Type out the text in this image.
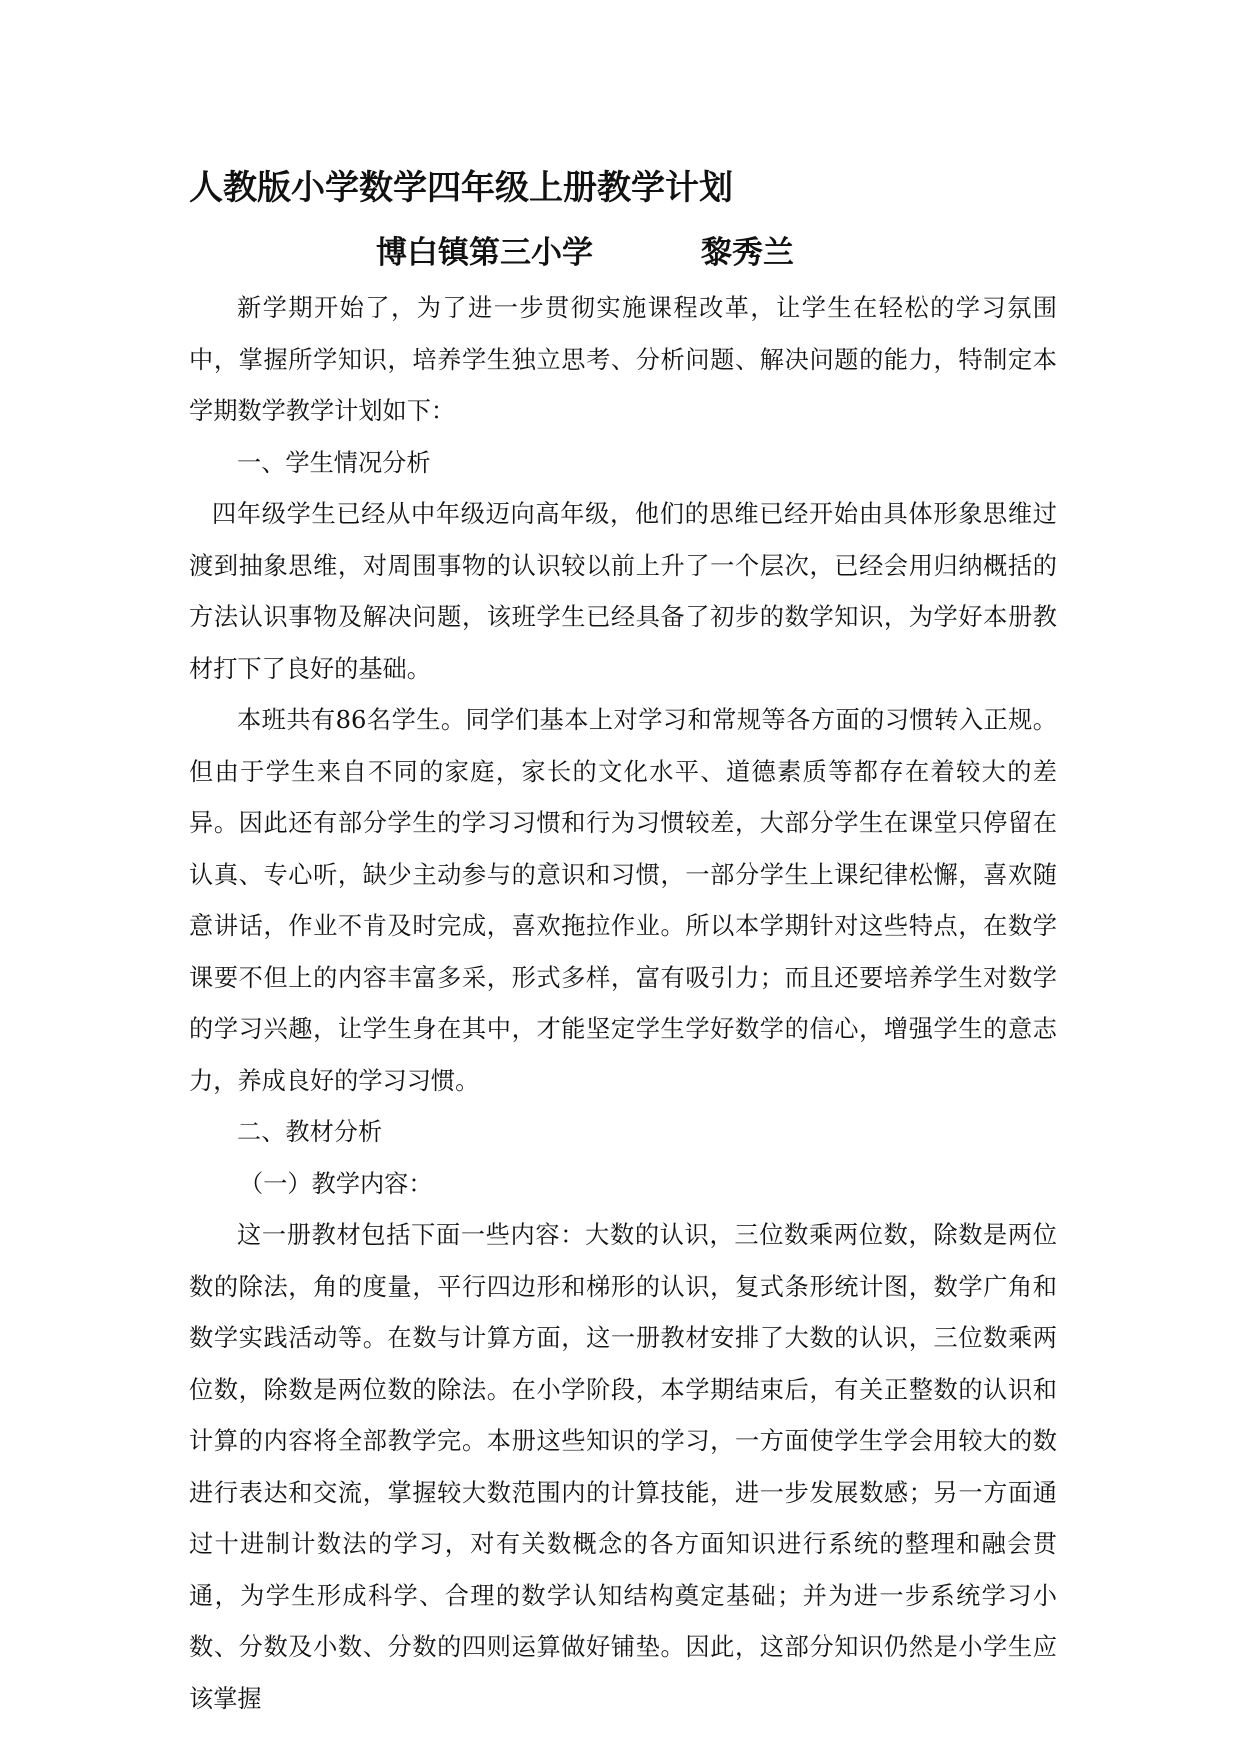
人教版小学数学四年级上册教学计划
博白镇第三小学	黎秀兰

新学期开始了，为了进一步贯彻实施课程改革，让学生在轻松的学习氛围中，掌握所学知识，培养学生独立思考、分析问题、解决问题的能力，特制定本学期数学教学计划如下：

一、学生情况分析

四年级学生已经从中年级迈向高年级，他们的思维已经开始由具体形象思维过渡到抽象思维，对周围事物的认识较以前上升了一个层次，已经会用归纳概括的方法认识事物及解决问题，该班学生已经具备了初步的数学知识，为学好本册教材打下了良好的基础。

本班共有86名学生。同学们基本上对学习和常规等各方面的习惯转入正规。但由于学生来自不同的家庭，家长的文化水平、道德素质等都存在着较大的差异。因此还有部分学生的学习习惯和行为习惯较差，大部分学生在课堂只停留在认真、专心听，缺少主动参与的意识和习惯，一部分学生上课纪律松懈，喜欢随意讲话，作业不肯及时完成，喜欢拖拉作业。所以本学期针对这些特点，在数学课要不但上的内容丰富多采，形式多样，富有吸引力；而且还要培养学生对数学的学习兴趣，让学生身在其中，才能坚定学生学好数学的信心，增强学生的意志力，养成良好的学习习惯。

二、教材分析

（一）教学内容：

这一册教材包括下面一些内容：大数的认识，三位数乘两位数，除数是两位数的除法，角的度量，平行四边形和梯形的认识，复式条形统计图，数学广角和数学实践活动等。在数与计算方面，这一册教材安排了大数的认识，三位数乘两位数，除数是两位数的除法。在小学阶段，本学期结束后，有关正整数的认识和计算的内容将全部教学完。本册这些知识的学习，一方面使学生学会用较大的数进行表达和交流，掌握较大数范围内的计算技能，进一步发展数感；另一方面通过十进制计数法的学习，对有关数概念的各方面知识进行系统的整理和融会贯通，为学生形成科学、合理的数学认知结构奠定基础；并为进一步系统学习小数、分数及小数、分数的四则运算做好铺垫。因此，这部分知识仍然是小学生应该掌握
